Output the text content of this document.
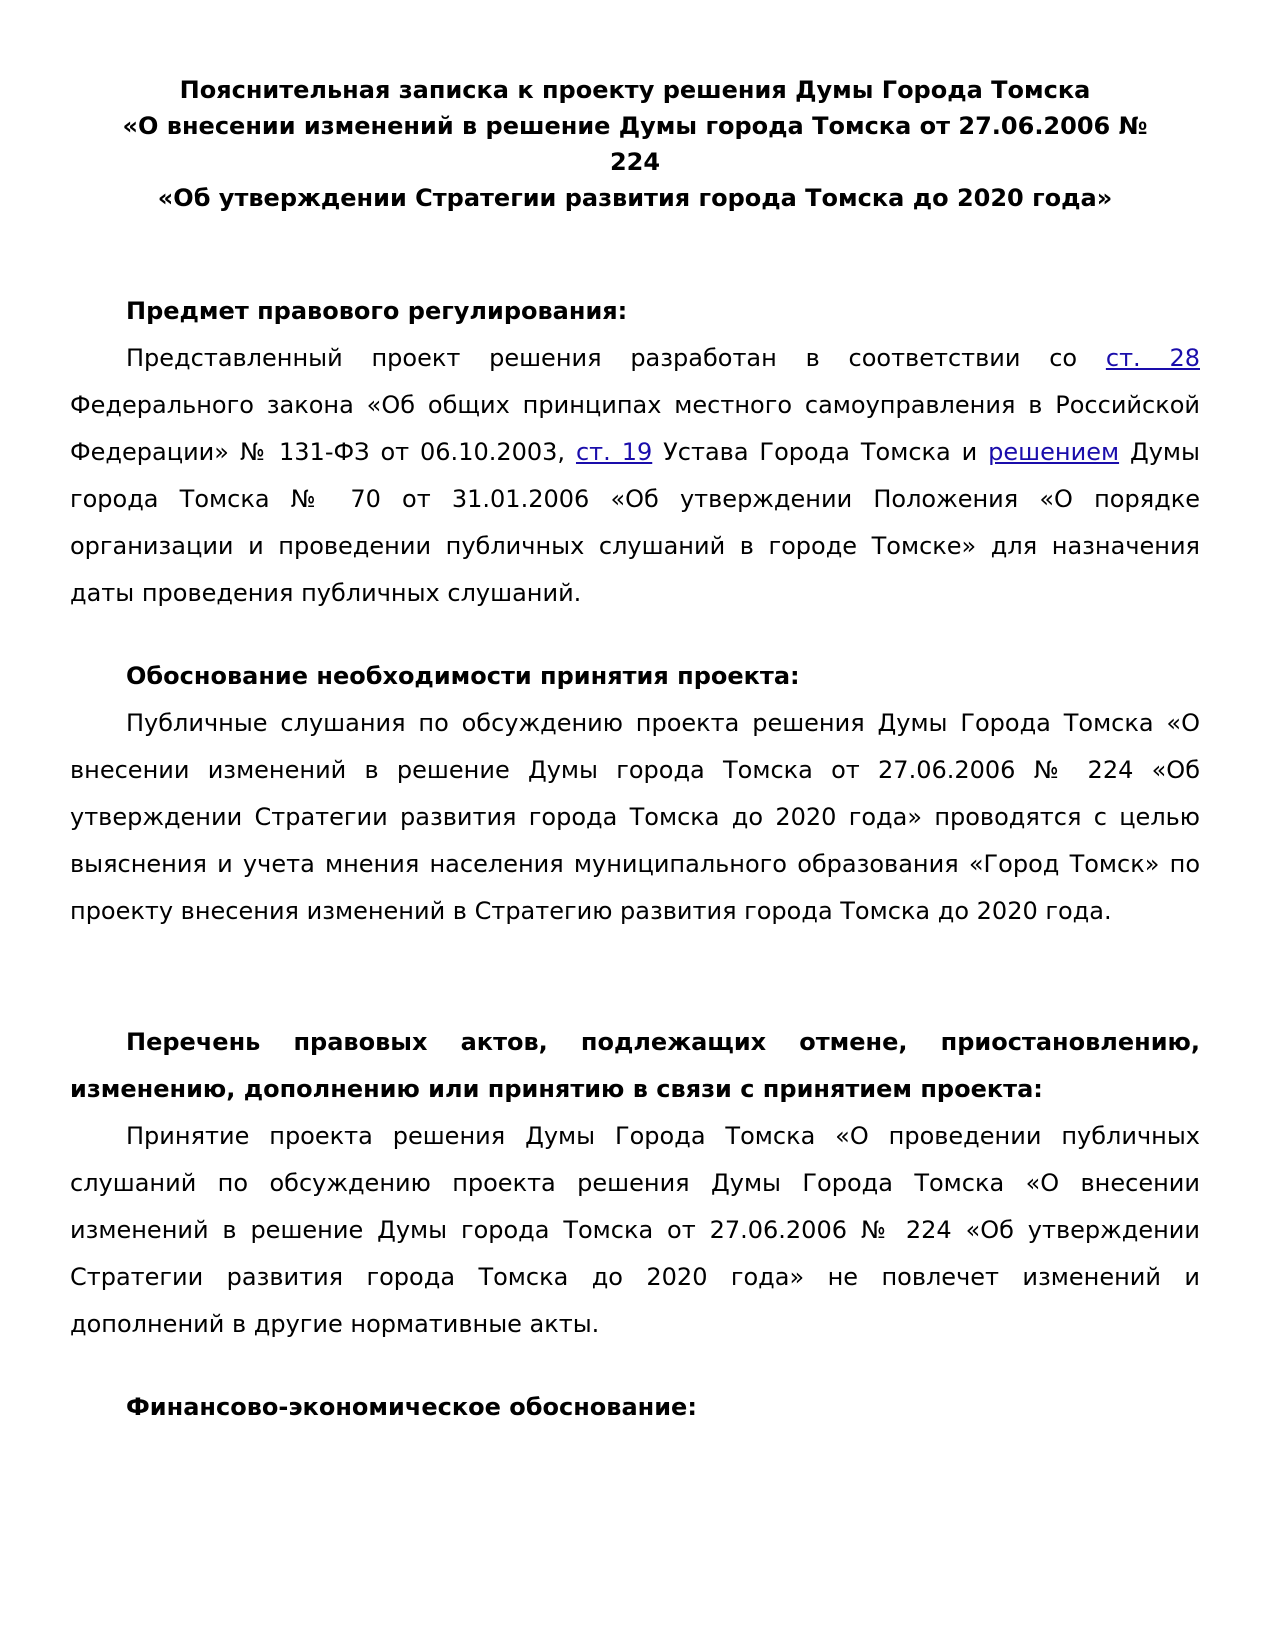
Пояснительная записка к проекту решения Думы Города Томска
«О внесении изменений в решение Думы города Томска от 27.06.2006 №
224
«Об утверждении Стратегии развития города Томска до 2020 года»

Предмет правового регулирования:

Представленный проект решения разработан в соответствии со ст. 28 Федерального закона «Об общих принципах местного самоуправления в Российской Федерации» № 131-ФЗ от 06.10.2003, ст. 19 Устава Города Томска и решением Думы города Томска № 70 от 31.01.2006 «Об утверждении Положения «О порядке организации и проведении публичных слушаний в городе Томске» для назначения даты проведения публичных слушаний.

Обоснование необходимости принятия проекта:

Публичные слушания по обсуждению проекта решения Думы Города Томска «О внесении изменений в решение Думы города Томска от 27.06.2006 № 224 «Об утверждении Стратегии развития города Томска до 2020 года» проводятся с целью выяснения и учета мнения населения муниципального образования «Город Томск» по проекту внесения изменений в Стратегию развития города Томска до 2020 года.

Перечень правовых актов, подлежащих отмене, приостановлению, изменению, дополнению или принятию в связи с принятием проекта:

Принятие проекта решения Думы Города Томска «О проведении публичных слушаний по обсуждению проекта решения Думы Города Томска «О внесении изменений в решение Думы города Томска от 27.06.2006 № 224 «Об утверждении Стратегии развития города Томска до 2020 года» не повлечет изменений и дополнений в другие нормативные акты.

Финансово-экономическое обоснование:
